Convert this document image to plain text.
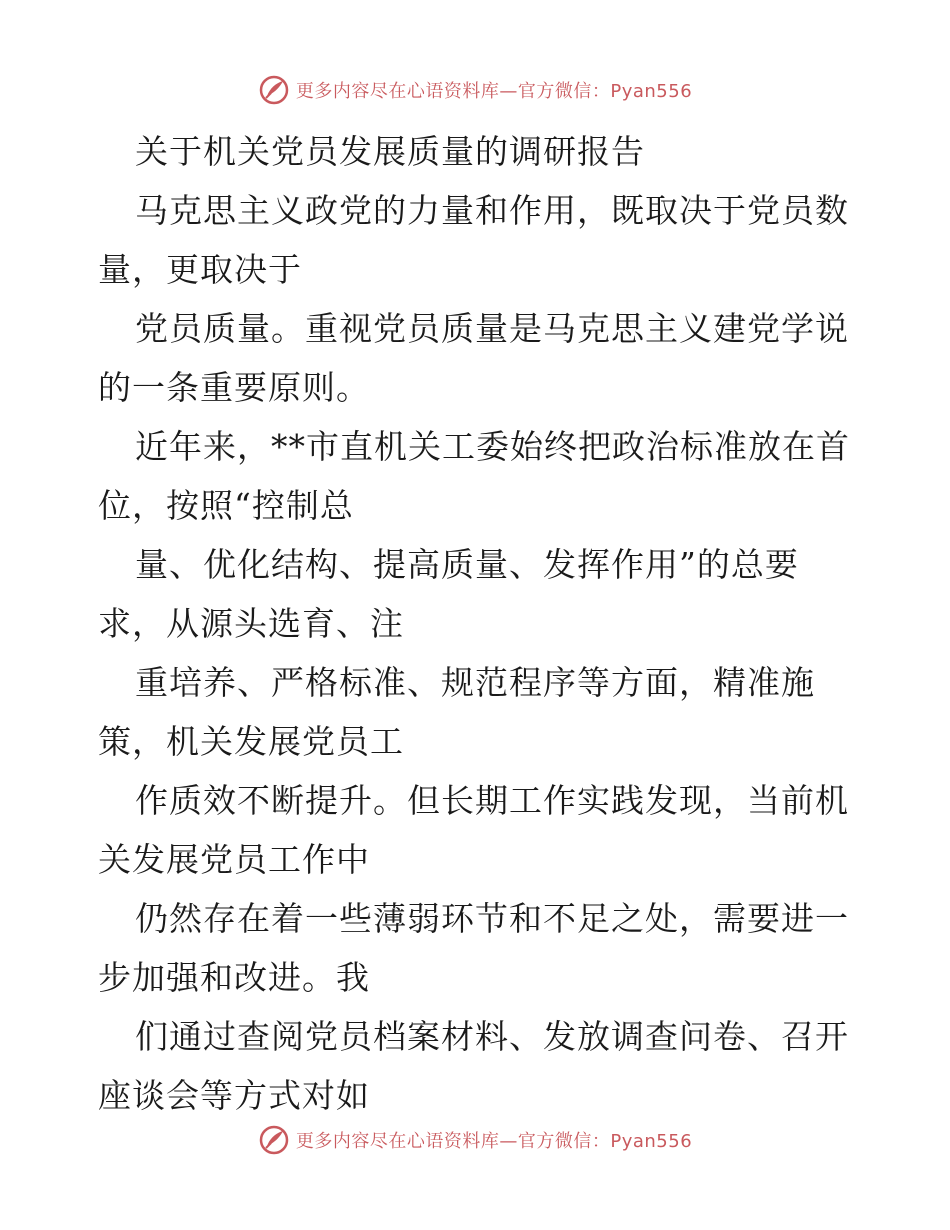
更多内容尽在心语资料库—官方微信：Pyan556

关于机关党员发展质量的调研报告

马克思主义政党的力量和作用，既取决于党员数

量，更取决于

党员质量。重视党员质量是马克思主义建党学说

的一条重要原则。

近年来，**市直机关工委始终把政治标准放在首

位，按照“控制总

量、优化结构、提高质量、发挥作用”的总要

求，从源头选育、注

重培养、严格标准、规范程序等方面，精准施

策，机关发展党员工

作质效不断提升。但长期工作实践发现，当前机

关发展党员工作中

仍然存在着一些薄弱环节和不足之处，需要进一

步加强和改进。我

们通过查阅党员档案材料、发放调查问卷、召开

座谈会等方式对如

更多内容尽在心语资料库—官方微信：Pyan556
